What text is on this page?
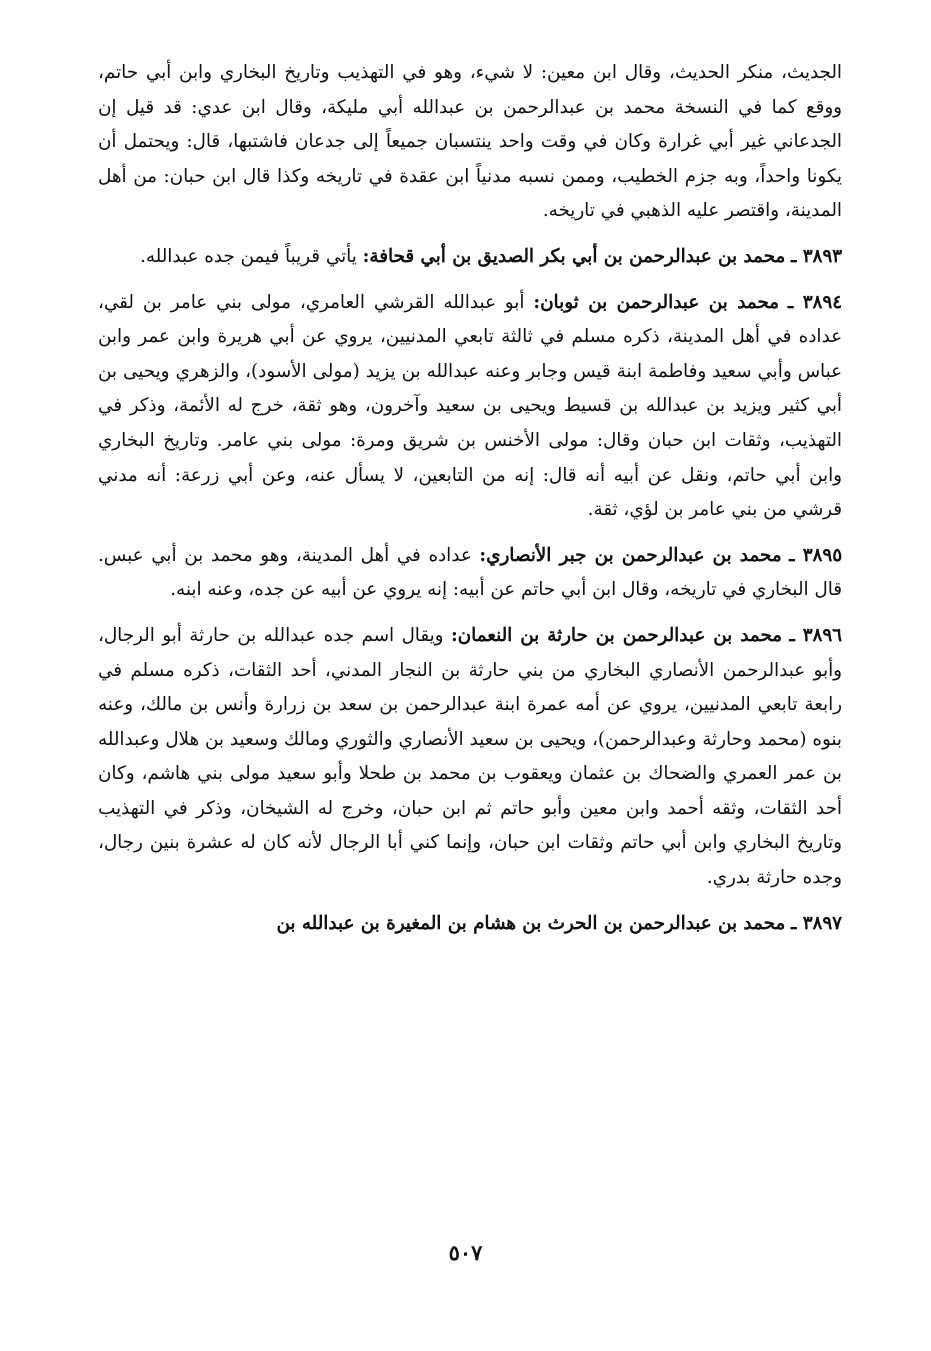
الجديث، منكر الحديث، وقال ابن معين: لا شيء، وهو في التهذيب وتاريخ البخاري وابن أبي حاتم، ووقع كما في النسخة محمد بن عبدالرحمن بن عبدالله أبي مليكة، وقال ابن عدي: قد قيل إن الجدعاني غير أبي غرارة وكان في وقت واحد ينتسبان جميعاً إلى جدعان فاشتبها، قال: ويحتمل أن يكونا واحداً، وبه جزم الخطيب، وممن نسبه مدنياً ابن عقدة في تاريخه وكذا قال ابن حبان: من أهل المدينة، واقتصر عليه الذهبي في تاريخه.

٣٨٩٣ ـ محمد بن عبدالرحمن بن أبي بكر الصديق بن أبي قحافة: يأتي قريباً فيمن جده عبدالله.

٣٨٩٤ ـ محمد بن عبدالرحمن بن ثوبان: أبو عبدالله القرشي العامري، مولى بني عامر بن لقي، عداده في أهل المدينة، ذكره مسلم في ثالثة تابعي المدنيين، يروي عن أبي هريرة وابن عمر وابن عباس وأبي سعيد وفاطمة ابنة قيس وجابر وعنه عبدالله بن يزيد (مولى الأسود)، والزهري ويحيى بن أبي كثير ويزيد بن عبدالله بن قسيط ويحيى بن سعيد وآخرون، وهو ثقة، خرج له الأئمة، وذكر في التهذيب، وثقات ابن حبان وقال: مولى الأخنس بن شريق ومرة: مولى بني عامر. وتاريخ البخاري وابن أبي حاتم، ونقل عن أبيه أنه قال: إنه من التابعين، لا يسأل عنه، وعن أبي زرعة: أنه مدني قرشي من بني عامر بن لؤي، ثقة.

٣٨٩٥ ـ محمد بن عبدالرحمن بن جبر الأنصاري: عداده في أهل المدينة، وهو محمد بن أبي عبس. قال البخاري في تاريخه، وقال ابن أبي حاتم عن أبيه: إنه يروي عن أبيه عن جده، وعنه ابنه.

٣٨٩٦ ـ محمد بن عبدالرحمن بن حارثة بن النعمان: ويقال اسم جده عبدالله بن حارثة أبو الرجال، وأبو عبدالرحمن الأنصاري البخاري من بني حارثة بن النجار المدني، أحد الثقات، ذكره مسلم في رابعة تابعي المدنيين، يروي عن أمه عمرة ابنة عبدالرحمن بن سعد بن زرارة وأنس بن مالك، وعنه بنوه (محمد وحارثة وعبدالرحمن)، ويحيى بن سعيد الأنصاري والثوري ومالك وسعيد بن هلال وعبدالله بن عمر العمري والضحاك بن عثمان ويعقوب بن محمد بن طحلا وأبو سعيد مولى بني هاشم، وكان أحد الثقات، وثقه أحمد وابن معين وأبو حاتم ثم ابن حبان، وخرج له الشيخان، وذكر في التهذيب وتاريخ البخاري وابن أبي حاتم وثقات ابن حبان، وإنما كني أبا الرجال لأنه كان له عشرة بنين رجال، وجده حارثة بدري.

٣٨٩٧ ـ محمد بن عبدالرحمن بن الحرث بن هشام بن المغيرة بن عبدالله بن

٥٠٧
